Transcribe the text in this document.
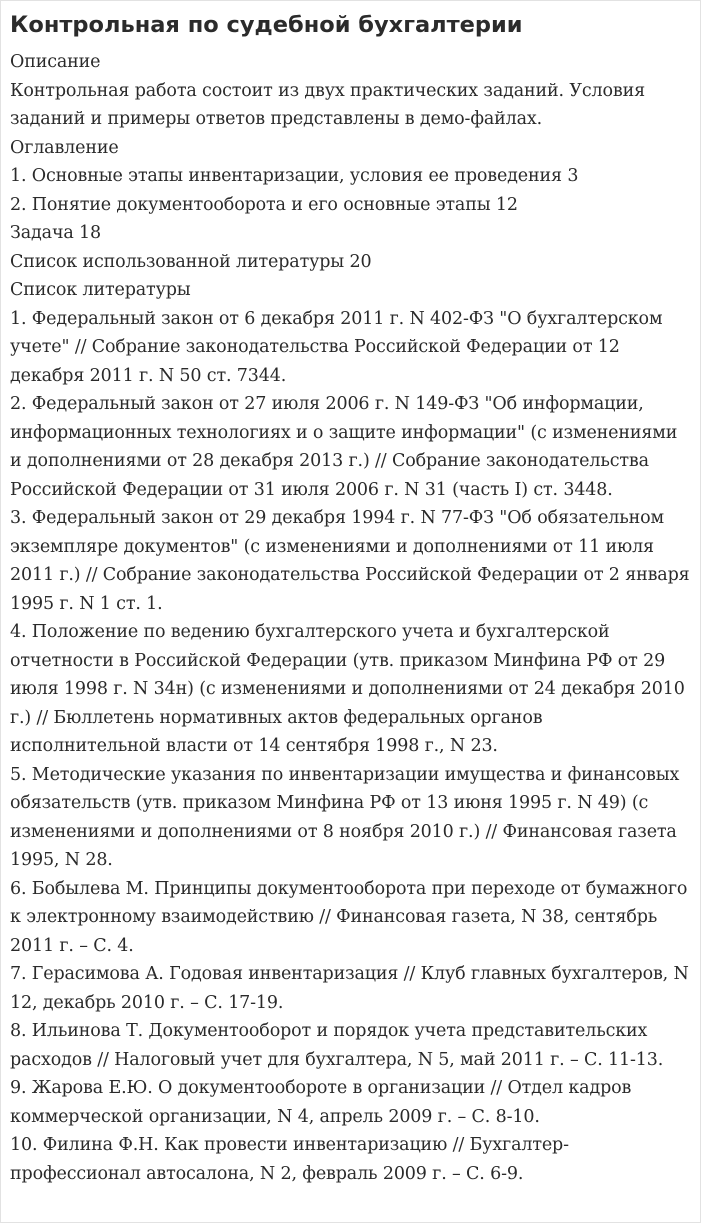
Контрольная по судебной бухгалтерии

Описание

Контрольная работа состоит из двух практических заданий. Условия заданий и примеры ответов представлены в демо-файлах.

Оглавление

1. Основные этапы инвентаризации, условия ее проведения 3

2. Понятие документооборота и его основные этапы 12

Задача 18

Список использованной литературы 20

Список литературы

1. Федеральный закон от 6 декабря 2011 г. N 402-ФЗ "О бухгалтерском учете" // Собрание законодательства Российской Федерации от 12 декабря 2011 г. N 50 ст. 7344.

2. Федеральный закон от 27 июля 2006 г. N 149-ФЗ "Об информации, информационных технологиях и о защите информации" (с изменениями и дополнениями от 28 декабря 2013 г.) // Собрание законодательства Российской Федерации от 31 июля 2006 г. N 31 (часть I) ст. 3448.

3. Федеральный закон от 29 декабря 1994 г. N 77-ФЗ "Об обязательном экземпляре документов" (с изменениями и дополнениями от 11 июля 2011 г.) // Собрание законодательства Российской Федерации от 2 января 1995 г. N 1 ст. 1.

4. Положение по ведению бухгалтерского учета и бухгалтерской отчетности в Российской Федерации (утв. приказом Минфина РФ от 29 июля 1998 г. N 34н) (с изменениями и дополнениями от 24 декабря 2010 г.) // Бюллетень нормативных актов федеральных органов исполнительной власти от 14 сентября 1998 г., N 23.

5. Методические указания по инвентаризации имущества и финансовых обязательств (утв. приказом Минфина РФ от 13 июня 1995 г. N 49) (с изменениями и дополнениями от 8 ноября 2010 г.) // Финансовая газета 1995, N 28.

6. Бобылева М. Принципы документооборота при переходе от бумажного к электронному взаимодействию // Финансовая газета, N 38, сентябрь 2011 г. – С. 4.

7. Герасимова А. Годовая инвентаризация // Клуб главных бухгалтеров, N 12, декабрь 2010 г. – С. 17-19.

8. Ильинова Т. Документооборот и порядок учета представительских расходов // Налоговый учет для бухгалтера, N 5, май 2011 г. – С. 11-13.

9. Жарова Е.Ю. О документообороте в организации // Отдел кадров коммерческой организации, N 4, апрель 2009 г. – С. 8-10.

10. Филина Ф.Н. Как провести инвентаризацию // Бухгалтер-профессионал автосалона, N 2, февраль 2009 г. – С. 6-9.
